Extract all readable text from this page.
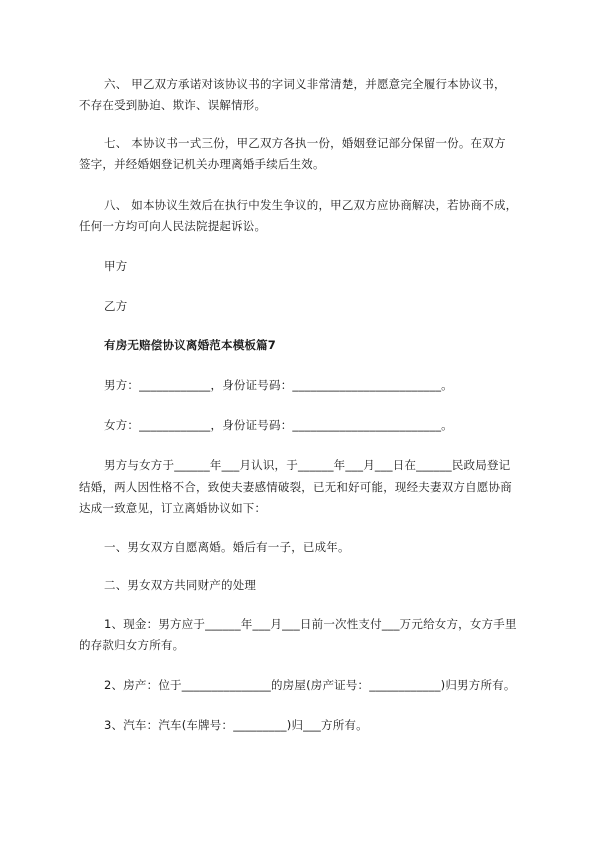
六、 甲乙双方承诺对该协议书的字词义非常清楚，并愿意完全履行本协议书，
不存在受到胁迫、欺诈、误解情形。
七、 本协议书一式三份，甲乙双方各执一份，婚姻登记部分保留一份。在双方
签字，并经婚姻登记机关办理离婚手续后生效。
八、 如本协议生效后在执行中发生争议的，甲乙双方应协商解决，若协商不成，
任何一方均可向人民法院提起诉讼。
甲方
乙方
有房无赔偿协议离婚范本模板篇7
男方：____________，身份证号码：_________________________。
女方：____________，身份证号码：_________________________。
男方与女方于______年___月认识，于______年___月___日在______民政局登记
结婚，两人因性格不合，致使夫妻感情破裂，已无和好可能，现经夫妻双方自愿协商
达成一致意见，订立离婚协议如下：
一、男女双方自愿离婚。婚后有一子，已成年。
二、男女双方共同财产的处理
1、现金：男方应于______年___月___日前一次性支付___万元给女方，女方手里
的存款归女方所有。
2、房产：位于_______________的房屋(房产证号：____________)归男方所有。
3、汽车：汽车(车牌号：_________)归___方所有。
